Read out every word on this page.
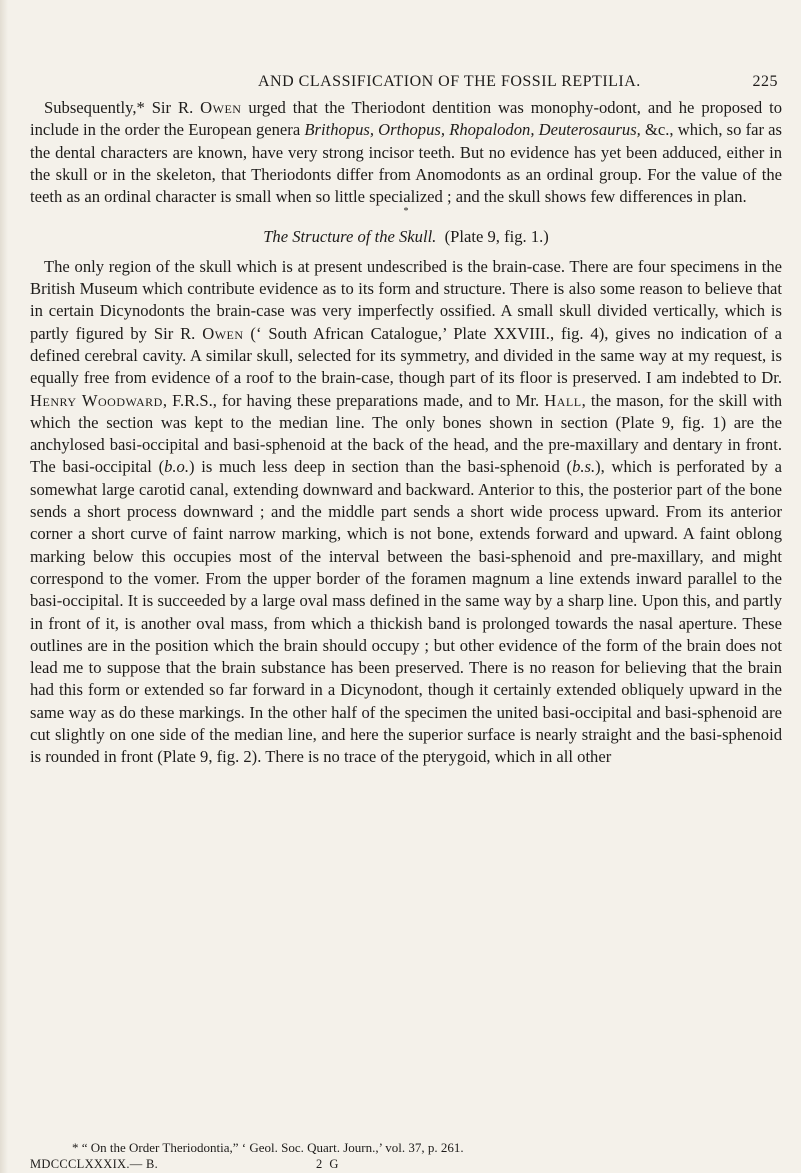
AND CLASSIFICATION OF THE FOSSIL REPTILIA.	225

Subsequently,* Sir R. Owen urged that the Theriodont dentition was monophy-odont, and he proposed to include in the order the European genera Brithopus, Orthopus, Rhopalodon, Deuterosaurus, &c., which, so far as the dental characters are known, have very strong incisor teeth. But no evidence has yet been adduced, either in the skull or in the skeleton, that Theriodonts differ from Anomodonts as an ordinal group. For the value of the teeth as an ordinal character is small when so little specialized ; and the skull shows few differences in plan.

*

The Structure of the Skull. (Plate 9, fig. 1.)

The only region of the skull which is at present undescribed is the brain-case. There are four specimens in the British Museum which contribute evidence as to its form and structure. There is also some reason to believe that in certain Dicynodonts the brain-case was very imperfectly ossified. A small skull divided vertically, which is partly figured by Sir R. Owen (‘ South African Catalogue,’ Plate XXVIII., fig. 4), gives no indication of a defined cerebral cavity. A similar skull, selected for its symmetry, and divided in the same way at my request, is equally free from evidence of a roof to the brain-case, though part of its floor is preserved. I am indebted to Dr. Henry Woodward, F.R.S., for having these preparations made, and to Mr. Hall, the mason, for the skill with which the section was kept to the median line. The only bones shown in section (Plate 9, fig. 1) are the anchylosed basi-occipital and basi-sphenoid at the back of the head, and the pre-maxillary and dentary in front. The basi-occipital (b.o.) is much less deep in section than the basi-sphenoid (b.s.), which is perforated by a somewhat large carotid canal, extending downward and backward. Anterior to this, the posterior part of the bone sends a short process downward ; and the middle part sends a short wide process upward. From its anterior corner a short curve of faint narrow marking, which is not bone, extends forward and upward. A faint oblong marking below this occupies most of the interval between the basi-sphenoid and pre-maxillary, and might correspond to the vomer. From the upper border of the foramen magnum a line extends inward parallel to the basi-occipital. It is succeeded by a large oval mass defined in the same way by a sharp line. Upon this, and partly in front of it, is another oval mass, from which a thickish band is prolonged towards the nasal aperture. These outlines are in the position which the brain should occupy ; but other evidence of the form of the brain does not lead me to suppose that the brain substance has been preserved. There is no reason for believing that the brain had this form or extended so far forward in a Dicynodont, though it certainly extended obliquely upward in the same way as do these markings. In the other half of the specimen the united basi-occipital and basi-sphenoid are cut slightly on one side of the median line, and here the superior surface is nearly straight and the basi-sphenoid is rounded in front (Plate 9, fig. 2). There is no trace of the pterygoid, which in all other

* “ On the Order Theriodontia,” ‘ Geol. Soc. Quart. Journ.,’ vol. 37, p. 261.
MDCCCLXXXIX.— B.	2 G
